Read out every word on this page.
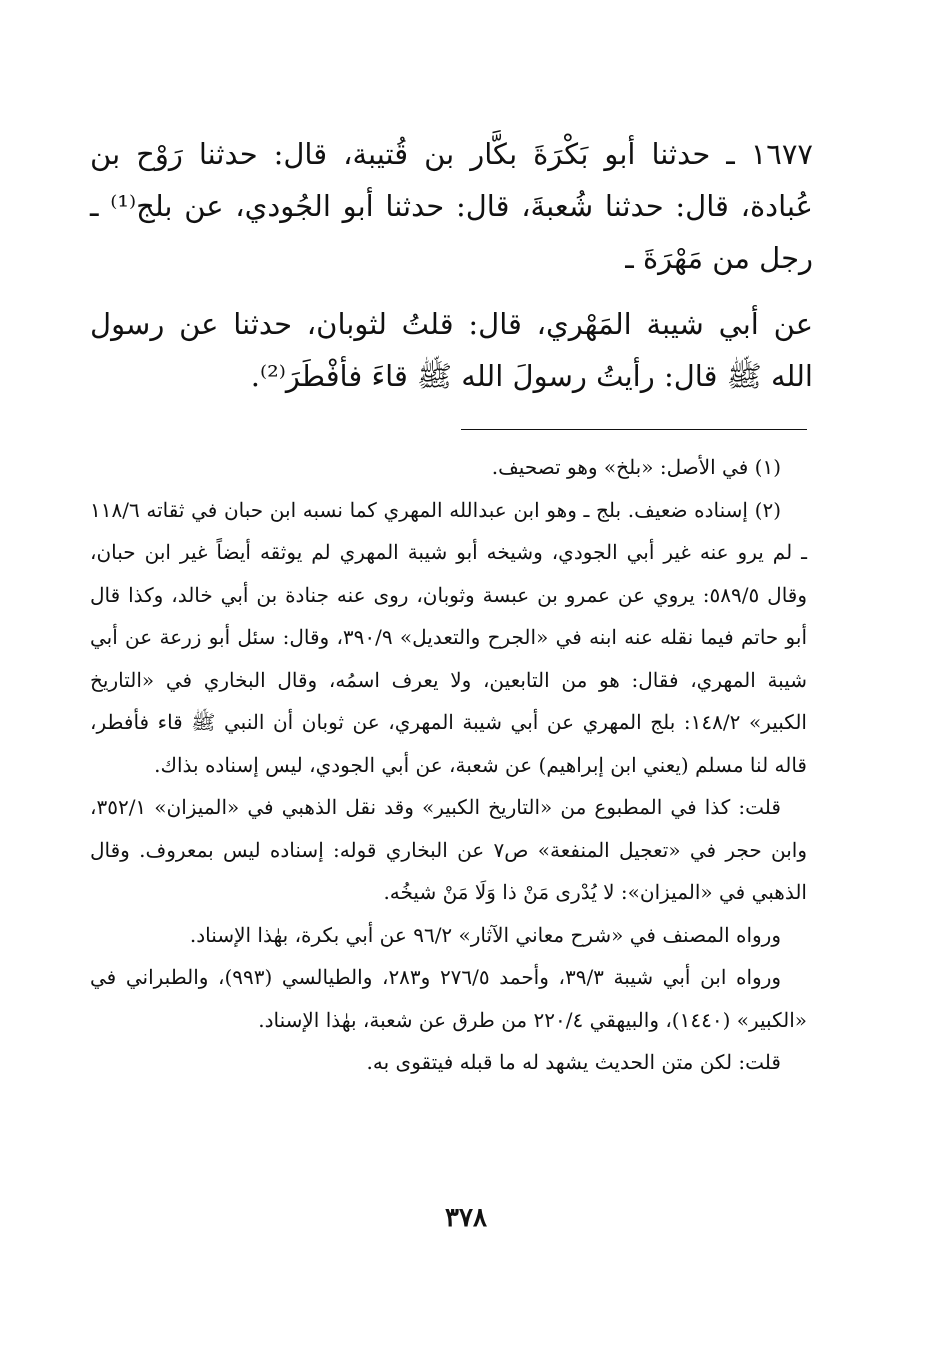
١٦٧٧ ـ حدثنا أبو بَكْرَةَ بكَّار بن قُتيبة، قال: حدثنا رَوْح بن عُبادة، قال: حدثنا شُعبةَ، قال: حدثنا أبو الجُودي، عن بلج⁽¹⁾ ـ رجل من مَهْرَةَ ـ

عن أبي شيبة المَهْري، قال: قلتُ لثوبان، حدثنا عن رسول الله ﷺ قال: رأيتُ رسولَ الله ﷺ قاءَ فأفْطَرَ⁽²⁾.

(١) في الأصل: «بلخ» وهو تصحيف.

(٢) إسناده ضعيف. بلج ـ وهو ابن عبدالله المهري كما نسبه ابن حبان في ثقاته ١١٨/٦ ـ لم يرو عنه غير أبي الجودي، وشيخه أبو شيبة المهري لم يوثقه أيضاً غير ابن حبان، وقال ٥٨٩/٥: يروي عن عمرو بن عبسة وثوبان، روى عنه جنادة بن أبي خالد، وكذا قال أبو حاتم فيما نقله عنه ابنه في «الجرح والتعديل» ٣٩٠/٩، وقال: سئل أبو زرعة عن أبي شيبة المهري، فقال: هو من التابعين، ولا يعرف اسمُه، وقال البخاري في «التاريخ الكبير» ١٤٨/٢: بلج المهري عن أبي شيبة المهري، عن ثوبان أن النبي ﷺ قاء فأفطر، قاله لنا مسلم (يعني ابن إبراهيم) عن شعبة، عن أبي الجودي، ليس إسناده بذاك.

قلت: كذا في المطبوع من «التاريخ الكبير» وقد نقل الذهبي في «الميزان» ٣٥٢/١، وابن حجر في «تعجيل المنفعة» ص٧ عن البخاري قوله: إسناده ليس بمعروف. وقال الذهبي في «الميزان»: لا يُدْرى مَنْ ذا وَلَا مَنْ شيخُه.

ورواه المصنف في «شرح معاني الآثار» ٩٦/٢ عن أبي بكرة، بهٰذا الإسناد.

ورواه ابن أبي شيبة ٣٩/٣، وأحمد ٢٧٦/٥ و٢٨٣، والطيالسي (٩٩٣)، والطبراني في «الكبير» (١٤٤٠)، والبيهقي ٢٢٠/٤ من طرق عن شعبة، بهٰذا الإسناد.

قلت: لكن متن الحديث يشهد له ما قبله فيتقوى به.

٣٧٨
